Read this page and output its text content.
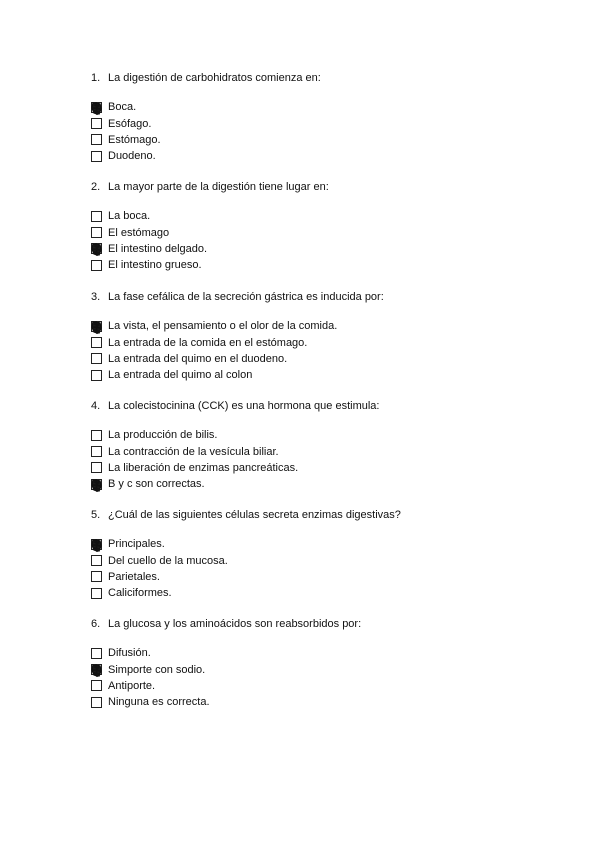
1. La digestión de carbohidratos comienza en:
Boca.
Esófago.
Estómago.
Duodeno.
2. La mayor parte de la digestión tiene lugar en:
La boca.
El estómago
El intestino delgado.
El intestino grueso.
3. La fase cefálica de la secreción gástrica es inducida por:
La vista, el pensamiento o el olor de la comida.
La entrada de la comida en el estómago.
La entrada del quimo en el duodeno.
La entrada del quimo al colon
4. La colecistocinina (CCK) es una hormona que estimula:
La producción de bilis.
La contracción de la vesícula biliar.
La liberación de enzimas pancreáticas.
B y c son correctas.
5. ¿Cuál de las siguientes células secreta enzimas digestivas?
Principales.
Del cuello de la mucosa.
Parietales.
Caliciformes.
6. La glucosa y los aminoácidos son reabsorbidos por:
Difusión.
Simporte con sodio.
Antiporte.
Ninguna es correcta.
